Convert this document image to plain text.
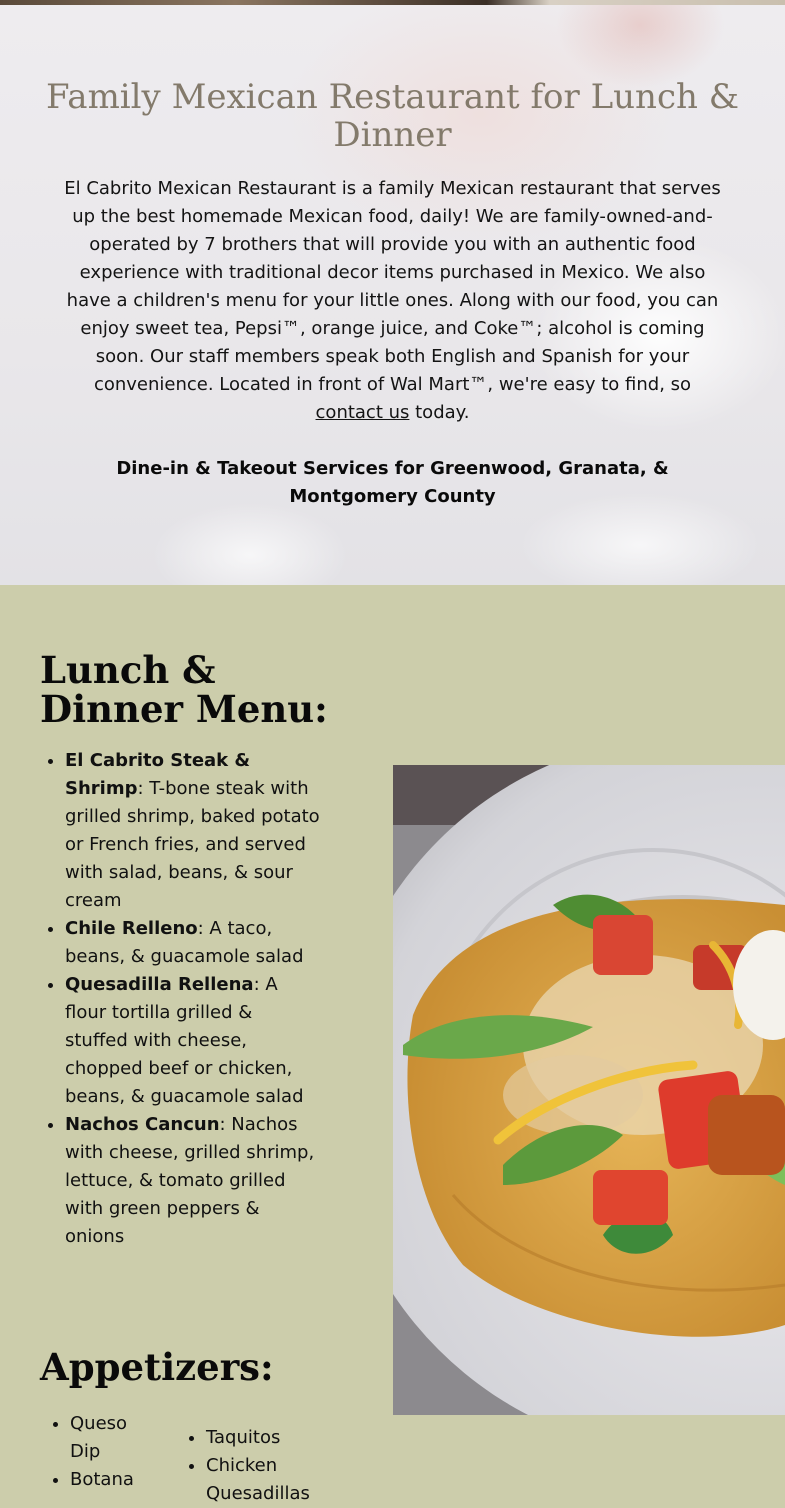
Family Mexican Restaurant for Lunch & Dinner

El Cabrito Mexican Restaurant is a family Mexican restaurant that serves up the best homemade Mexican food, daily! We are family-owned-and-operated by 7 brothers that will provide you with an authentic food experience with traditional decor items purchased in Mexico. We also have a children's menu for your little ones. Along with our food, you can enjoy sweet tea, Pepsi™, orange juice, and Coke™; alcohol is coming soon. Our staff members speak both English and Spanish for your convenience. Located in front of Wal Mart™, we're easy to find, so contact us today.

Dine-in & Takeout Services for Greenwood, Granata, & Montgomery County

Lunch & Dinner Menu:
• El Cabrito Steak & Shrimp: T-bone steak with grilled shrimp, baked potato or French fries, and served with salad, beans, & sour cream
• Chile Relleno: A taco, beans, & guacamole salad
• Quesadilla Rellena: A flour tortilla grilled & stuffed with cheese, chopped beef or chicken, beans, & guacamole salad
• Nachos Cancun: Nachos with cheese, grilled shrimp, lettuce, & tomato grilled with green peppers & onions
Appetizers:
• Queso Dip
• Botana
• Taquitos
• Chicken Quesadillas
